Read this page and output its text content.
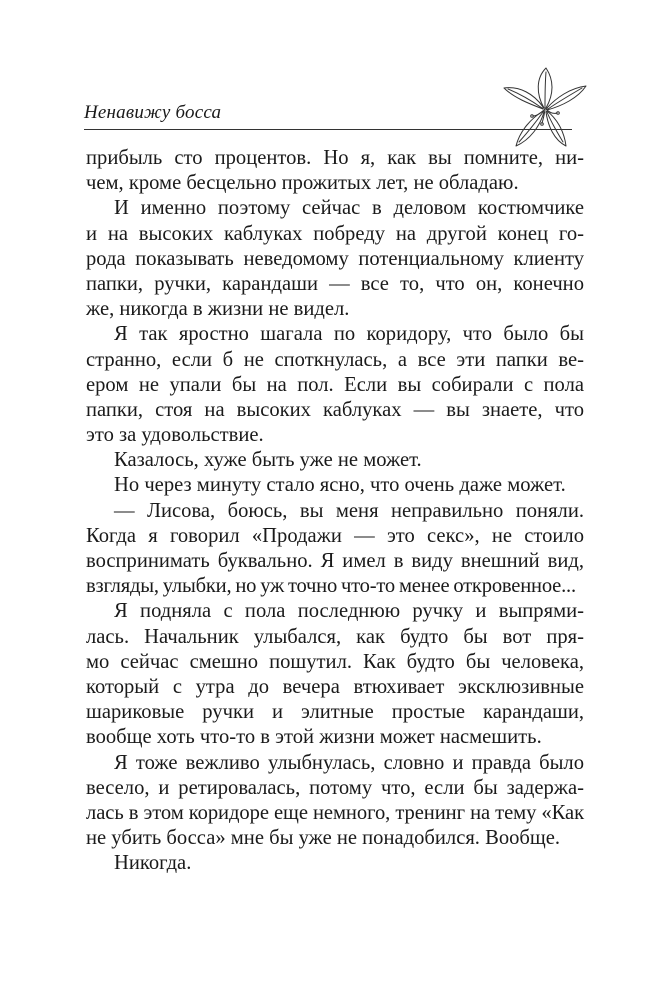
Ненавижу босса
прибыль сто процентов. Но я, как вы помните, ни-
чем, кроме бесцельно прожитых лет, не обладаю.
И именно поэтому сейчас в деловом костюмчике
и на высоких каблуках побреду на другой конец го-
рода показывать неведомому потенциальному клиенту
папки, ручки, карандаши — все то, что он, конечно
же, никогда в жизни не видел.
Я так яростно шагала по коридору, что было бы
странно, если б не споткнулась, а все эти папки ве-
ером не упали бы на пол. Если вы собирали с пола
папки, стоя на высоких каблуках — вы знаете, что
это за удовольствие.
Казалось, хуже быть уже не может.
Но через минуту стало ясно, что очень даже может.
— Лисова, боюсь, вы меня неправильно поняли.
Когда я говорил «Продажи — это секс», не стоило
воспринимать буквально. Я имел в виду внешний вид,
взгляды, улыбки, но уж точно что-то менее откровенное...
Я подняла с пола последнюю ручку и выпрями-
лась. Начальник улыбался, как будто бы вот пря-
мо сейчас смешно пошутил. Как будто бы человека,
который с утра до вечера втюхивает эксклюзивные
шариковые ручки и элитные простые карандаши,
вообще хоть что-то в этой жизни может насмешить.
Я тоже вежливо улыбнулась, словно и правда было
весело, и ретировалась, потому что, если бы задержа-
лась в этом коридоре еще немного, тренинг на тему «Как
не убить босса» мне бы уже не понадобился. Вообще.
Никогда.
